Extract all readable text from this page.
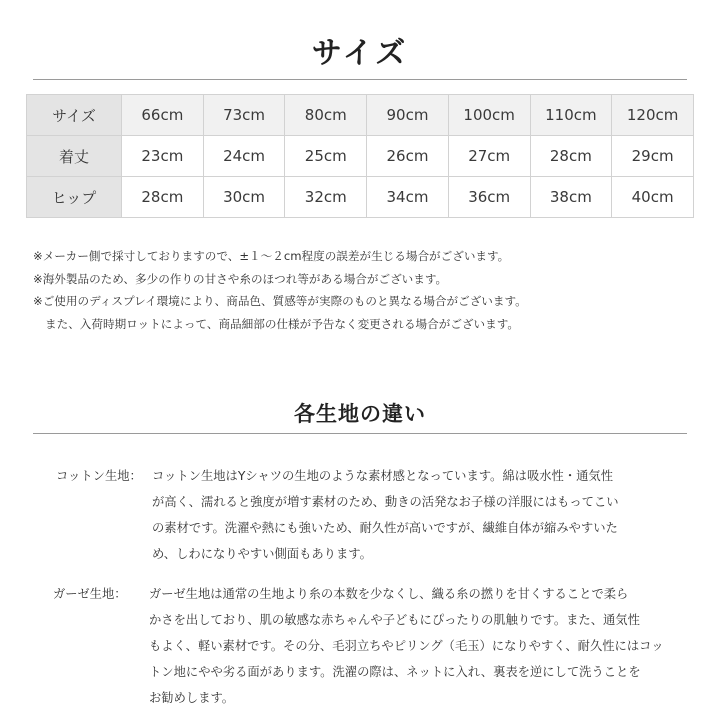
サイズ
サイズ	66cm	73cm	80cm	90cm	100cm	110cm	120cm
着丈	23cm	24cm	25cm	26cm	27cm	28cm	29cm
ヒップ	28cm	30cm	32cm	34cm	36cm	38cm	40cm
※メーカー側で採寸しておりますので、±１～２cm程度の誤差が生じる場合がございます。
※海外製品のため、多少の作りの甘さや糸のほつれ等がある場合がございます。
※ご使用のディスプレイ環境により、商品色、質感等が実際のものと異なる場合がございます。
また、入荷時期ロットによって、商品細部の仕様が予告なく変更される場合がございます。
各生地の違い
コットン生地： コットン生地はYシャツの生地のような素材感となっています。綿は吸水性・通気性
が高く、濡れると強度が増す素材のため、動きの活発なお子様の洋服にはもってこい
の素材です。洗濯や熱にも強いため、耐久性が高いですが、繊維自体が縮みやすいた
め、しわになりやすい側面もあります。
ガーゼ生地：	ガーゼ生地は通常の生地より糸の本数を少なくし、織る糸の撚りを甘くすることで柔ら
かさを出しており、肌の敏感な赤ちゃんや子どもにぴったりの肌触りです。また、通気性
もよく、軽い素材です。その分、毛羽立ちやピリング（毛玉）になりやすく、耐久性にはコッ
トン地にやや劣る面があります。洗濯の際は、ネットに入れ、裏表を逆にして洗うことを
お勧めします。
